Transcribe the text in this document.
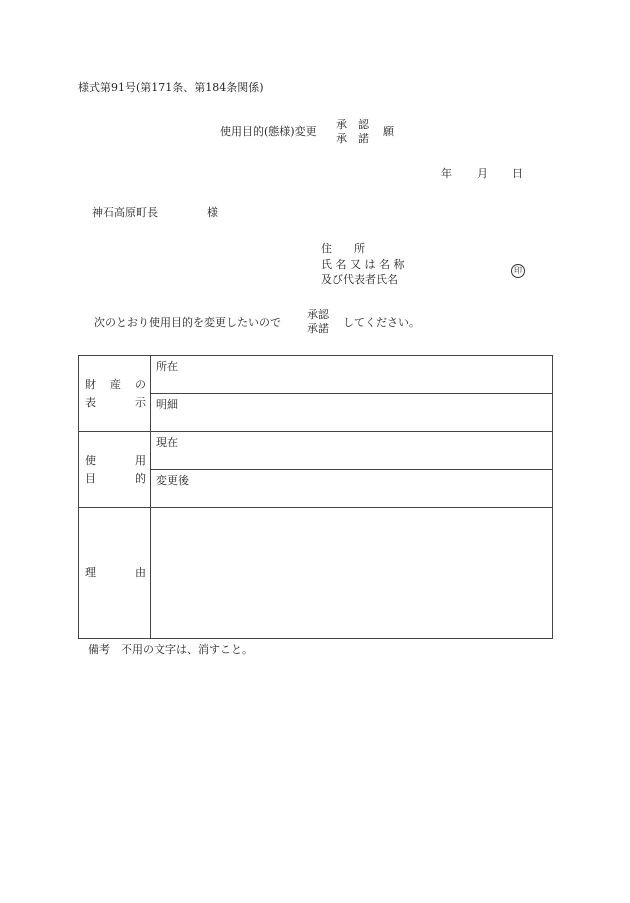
様式第91号(第171条、第184条関係)
使用目的(態様)変更
承　認
承　諾
願
年 月 日
神石高原町長	様
住　　所
氏 名 又 は 名 称
及び代表者氏名
印
次のとおり使用目的を変更したいので
承認
承諾 してください。
財 産 の
表 示	所在

	明細

使 用
目 的	現在

	変更後

理 由	

備考　不用の文字は、消すこと。
